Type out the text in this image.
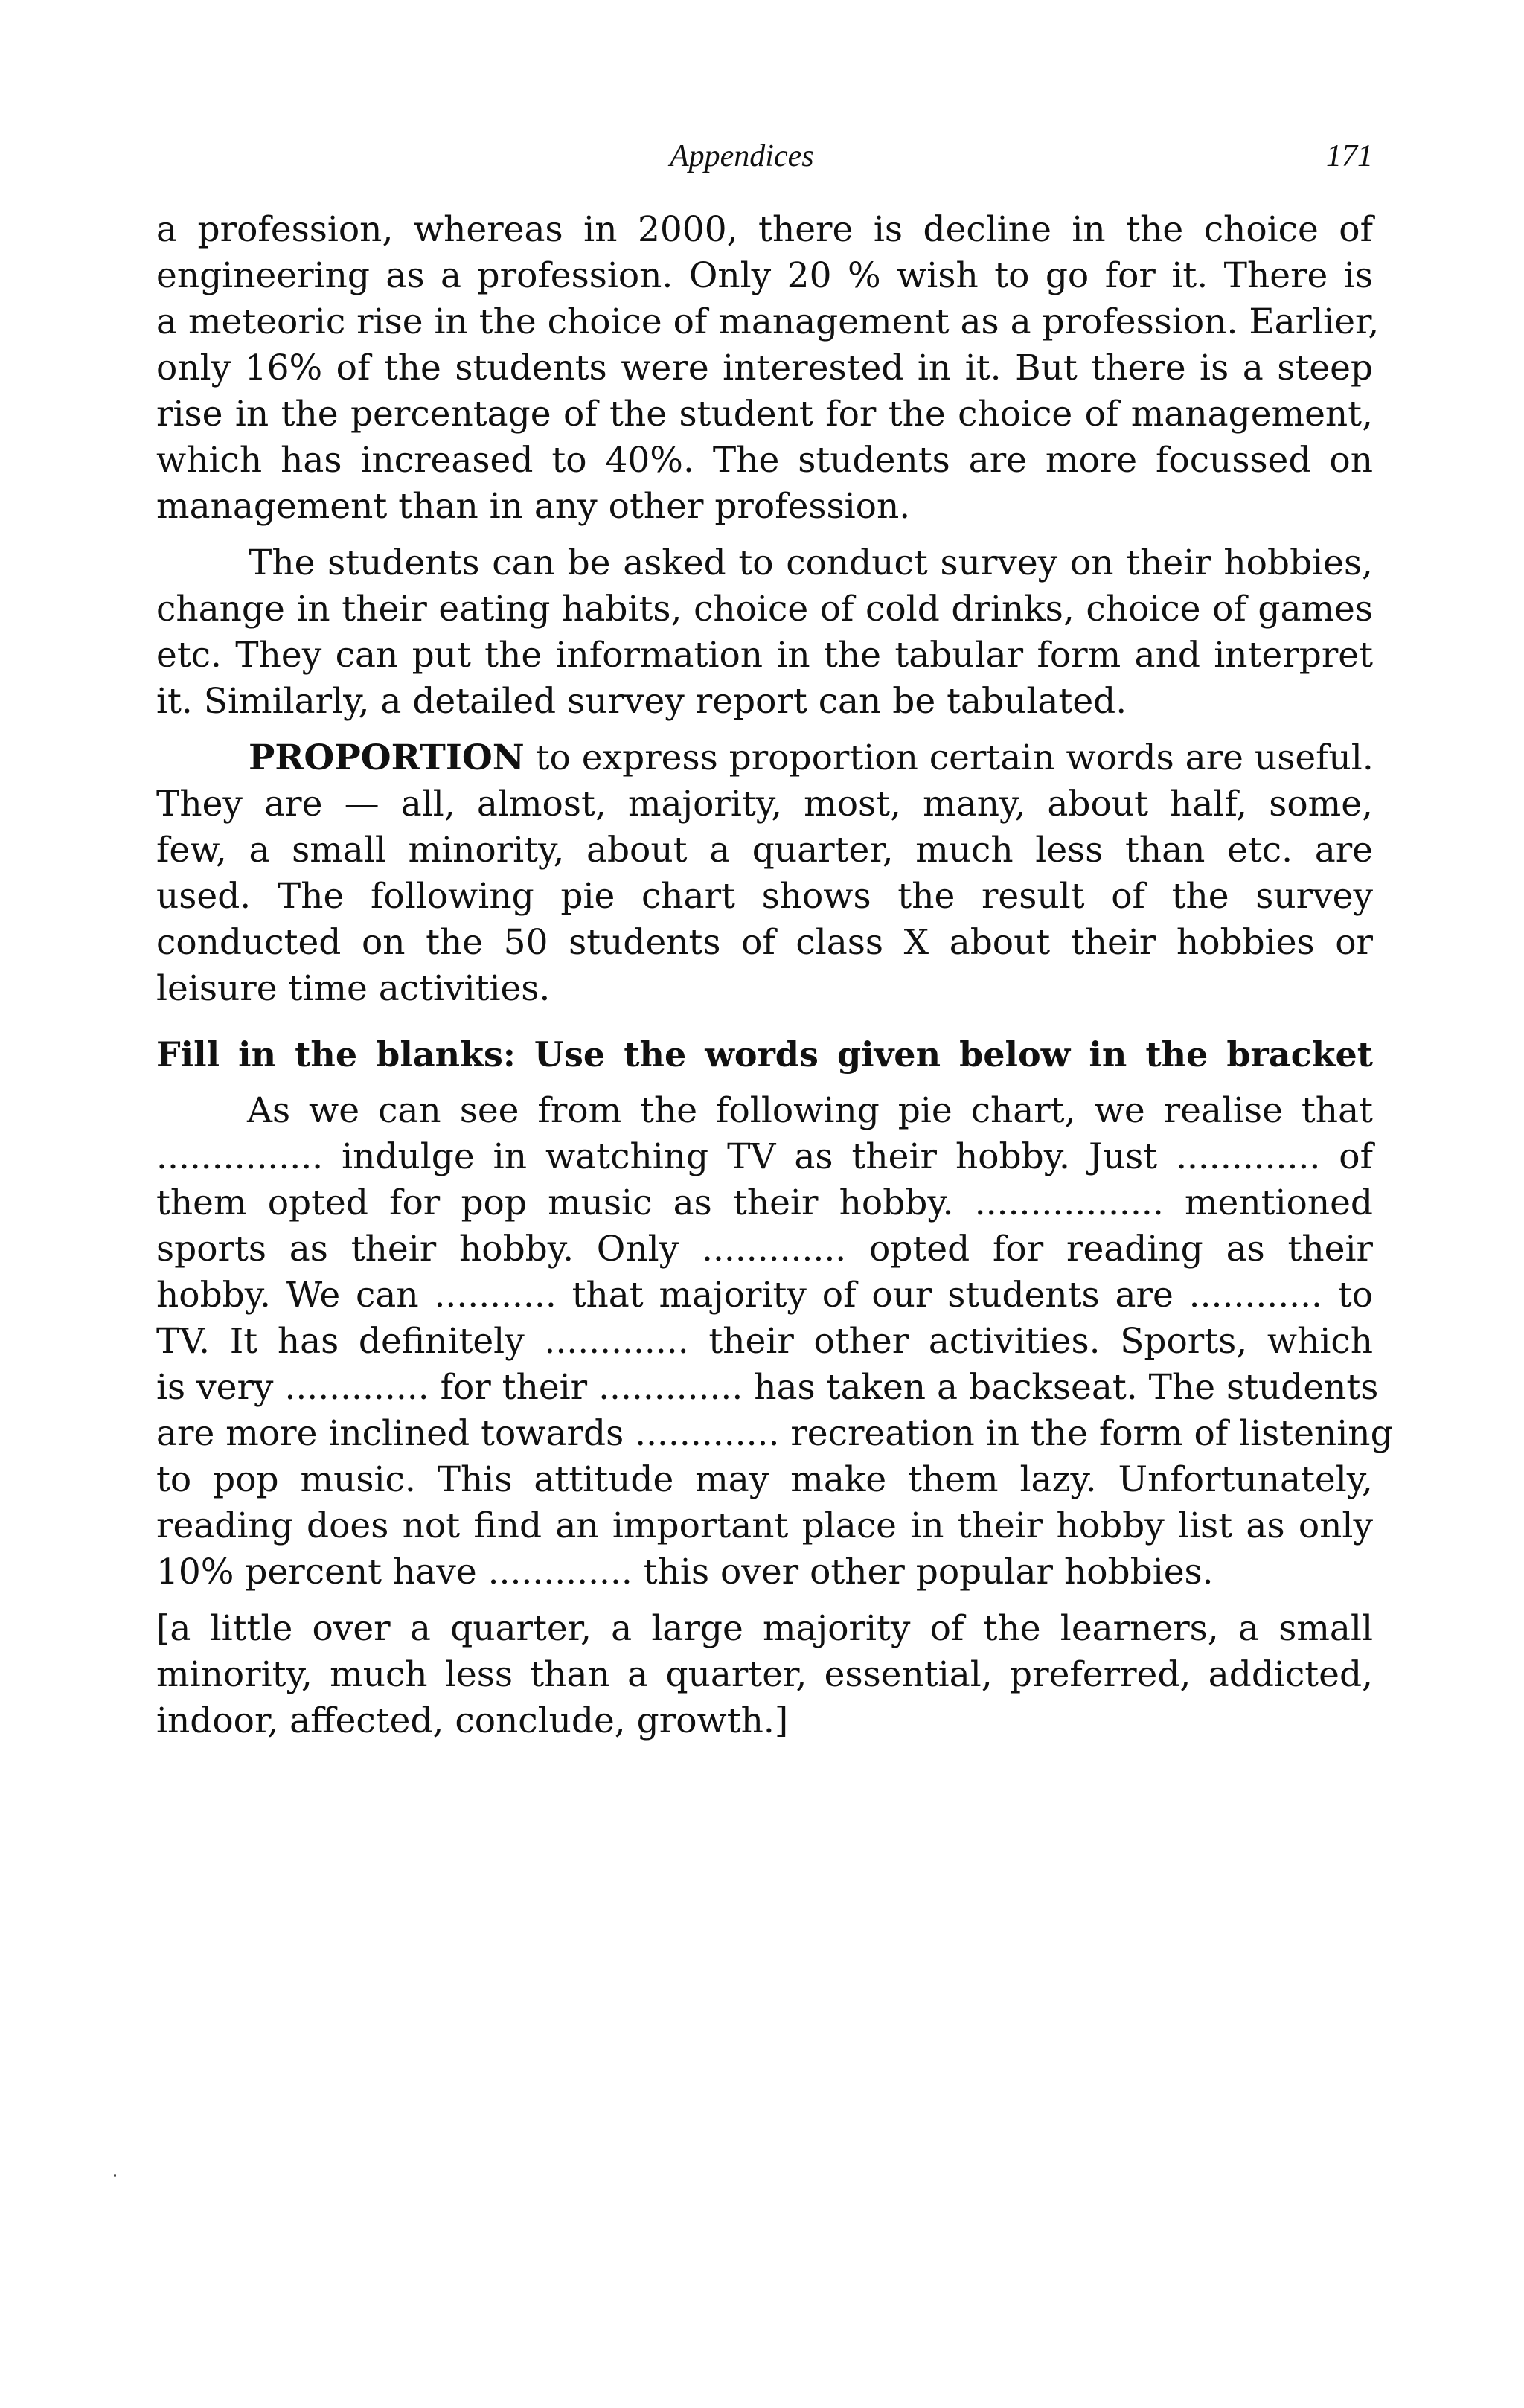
Appendices	171
a profession, whereas in 2000, there is decline in the choice of
engineering as a profession. Only 20 % wish to go for it. There is
a meteoric rise in the choice of management as a profession. Earlier,
only 16% of the students were interested in it. But there is a steep
rise in the percentage of the student for the choice of management,
which has increased to 40%. The students are more focussed on
management than in any other profession.
The students can be asked to conduct survey on their hobbies,
change in their eating habits, choice of cold drinks, choice of games
etc. They can put the information in the tabular form and interpret
it. Similarly, a detailed survey report can be tabulated.
PROPORTION to express proportion certain words are useful.
They are — all, almost, majority, most, many, about half, some,
few, a small minority, about a quarter, much less than etc. are
used. The following pie chart shows the result of the survey
conducted on the 50 students of class X about their hobbies or
leisure time activities.
Fill in the blanks: Use the words given below in the bracket
As we can see from the following pie chart, we realise that
............... indulge in watching TV as their hobby. Just ............. of
them opted for pop music as their hobby. ................. mentioned
sports as their hobby. Only ............. opted for reading as their
hobby. We can ........... that majority of our students are ............ to
TV. It has definitely ............. their other activities. Sports, which
is very ............. for their ............. has taken a backseat. The students
are more inclined towards ............. recreation in the form of listening
to pop music. This attitude may make them lazy. Unfortunately,
reading does not find an important place in their hobby list as only
10% percent have ............. this over other popular hobbies.
[a little over a quarter, a large majority of the learners, a small
minority, much less than a quarter, essential, preferred, addicted,
indoor, affected, conclude, growth.]
